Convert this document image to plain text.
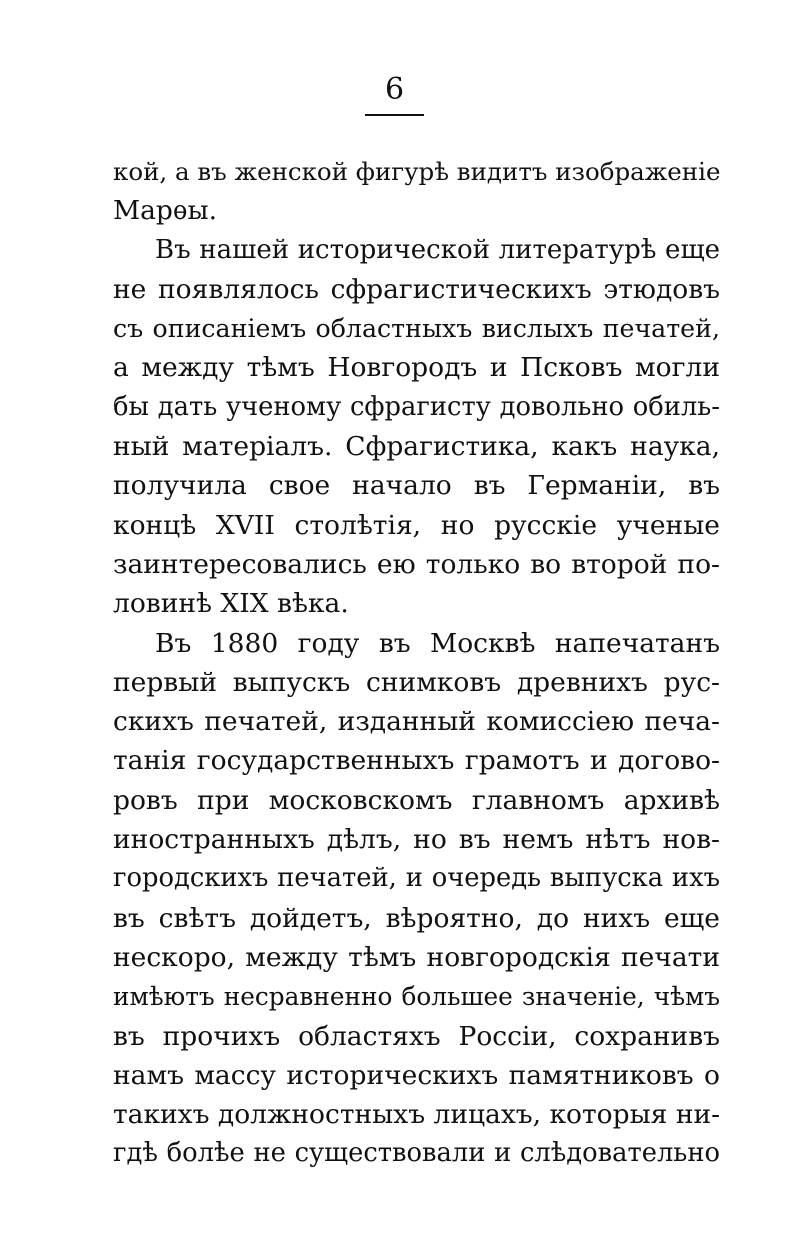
6
кой, а въ женской фигурѣ видитъ изображенiе
Марѳы.
Въ нашей исторической литературѣ еще
не появлялось сфрагистическихъ этюдовъ
съ описанiемъ областныхъ вислыхъ печатей,
а между тѣмъ Новгородъ и Псковъ могли
бы дать ученому сфрагисту довольно обиль-
ный матерiалъ. Сфрагистика, какъ наука,
получила свое начало въ Германiи, въ
концѣ XVII столѣтiя, но русскiе ученые
заинтересовались ею только во второй по-
ловинѣ XIX вѣка.
Въ 1880 году въ Москвѣ напечатанъ
первый выпускъ снимковъ древнихъ рус-
скихъ печатей, изданный комиссiею печа-
танiя государственныхъ грамотъ и догово-
ровъ при московскомъ главномъ архивѣ
иностранныхъ дѣлъ, но въ немъ нѣтъ нов-
городскихъ печатей, и очередь выпуска ихъ
въ свѣтъ дойдетъ, вѣроятно, до нихъ еще
нескоро, между тѣмъ новгородскiя печати
имѣютъ несравненно большее значенiе, чѣмъ
въ прочихъ областяхъ Россiи, сохранивъ
намъ массу историческихъ памятниковъ о
такихъ должностныхъ лицахъ, которыя ни-
гдѣ болѣе не существовали и слѣдовательно
